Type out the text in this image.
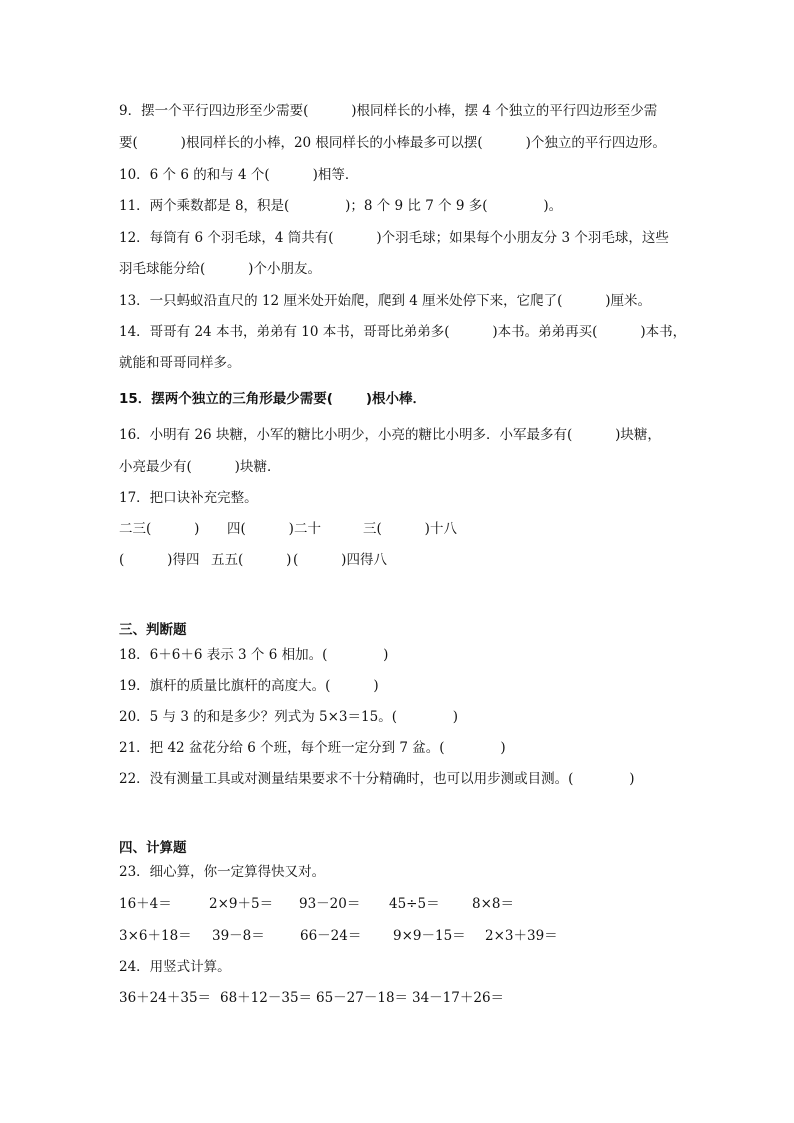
9．摆一个平行四边形至少需要(          )根同样长的小棒，摆 4 个独立的平行四边形至少需
要(          )根同样长的小棒，20 根同样长的小棒最多可以摆(          )个独立的平行四边形。
10．6 个 6 的和与 4 个(          )相等．
11．两个乘数都是 8，积是(             )；8 个 9 比 7 个 9 多(             )。
12．每筒有 6 个羽毛球，4 筒共有(          )个羽毛球；如果每个小朋友分 3 个羽毛球，这些
羽毛球能分给(          )个小朋友。
13．一只蚂蚁沿直尺的 12 厘米处开始爬，爬到 4 厘米处停下来，它爬了(          )厘米。
14．哥哥有 24 本书，弟弟有 10 本书，哥哥比弟弟多(          )本书。弟弟再买(          )本书，
就能和哥哥同样多。
15．摆两个独立的三角形最少需要(       )根小棒．
16．小明有 26 块糖，小军的糖比小明少，小亮的糖比小明多．小军最多有(          )块糖，
小亮最少有(          )块糖．
17．把口诀补充完整。

二三(          )

四(          )二十

	三(          )十八

(          )得四

五五(          )

(          )四得八

三、判断题
18．6＋6＋6 表示 3 个 6 相加。(             )
19．旗杆的质量比旗杆的高度大。(          )
20．5 与 3 的和是多少？列式为 5×3＝15。(             )
21．把 42 盆花分给 6 个班，每个班一定分到 7 盆。(             )
22．没有测量工具或对测量结果要求不十分精确时，也可以用步测或目测。(             )
四、计算题
23．细心算，你一定算得快又对。

16＋4＝

	2×9＋5＝

93－20＝

45÷5＝

8×8＝

3×6＋18＝

39－8＝

	66－24＝

9×9－15＝

2×3＋39＝

24．用竖式计算。

36＋24＋35＝

68＋12－35＝

65－27－18＝

34－17＋26＝
